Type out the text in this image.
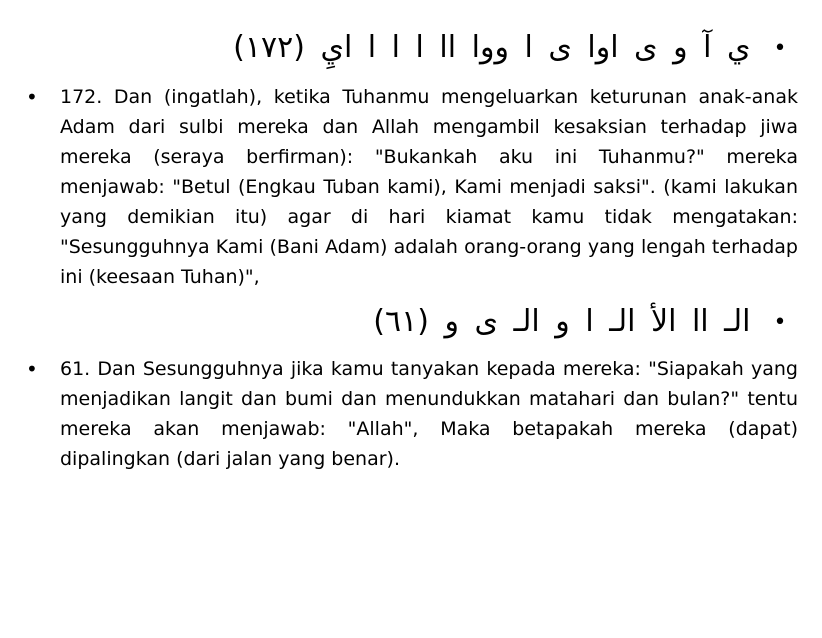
• ي آ و ى اوا ى ا ووا اا ا ا ا ايِ (١٧٢)
•	172. Dan (ingatlah), ketika Tuhanmu mengeluarkan keturunan anak-anak Adam dari sulbi mereka dan Allah mengambil kesaksian terhadap jiwa mereka (seraya berfirman): "Bukankah aku ini Tuhanmu?" mereka menjawab: "Betul (Engkau Tuban kami), Kami menjadi saksi". (kami lakukan yang demikian itu) agar di hari kiamat kamu tidak mengatakan: "Sesungguhnya Kami (Bani Adam) adalah orang-orang yang lengah terhadap ini (keesaan Tuhan)",
• الـ اا الأ الـ ا و الـ ى و (٦١)
•	61. Dan Sesungguhnya jika kamu tanyakan kepada mereka: "Siapakah yang menjadikan langit dan bumi dan menundukkan matahari dan bulan?" tentu mereka akan menjawab: "Allah", Maka betapakah mereka (dapat) dipalingkan (dari jalan yang benar).
